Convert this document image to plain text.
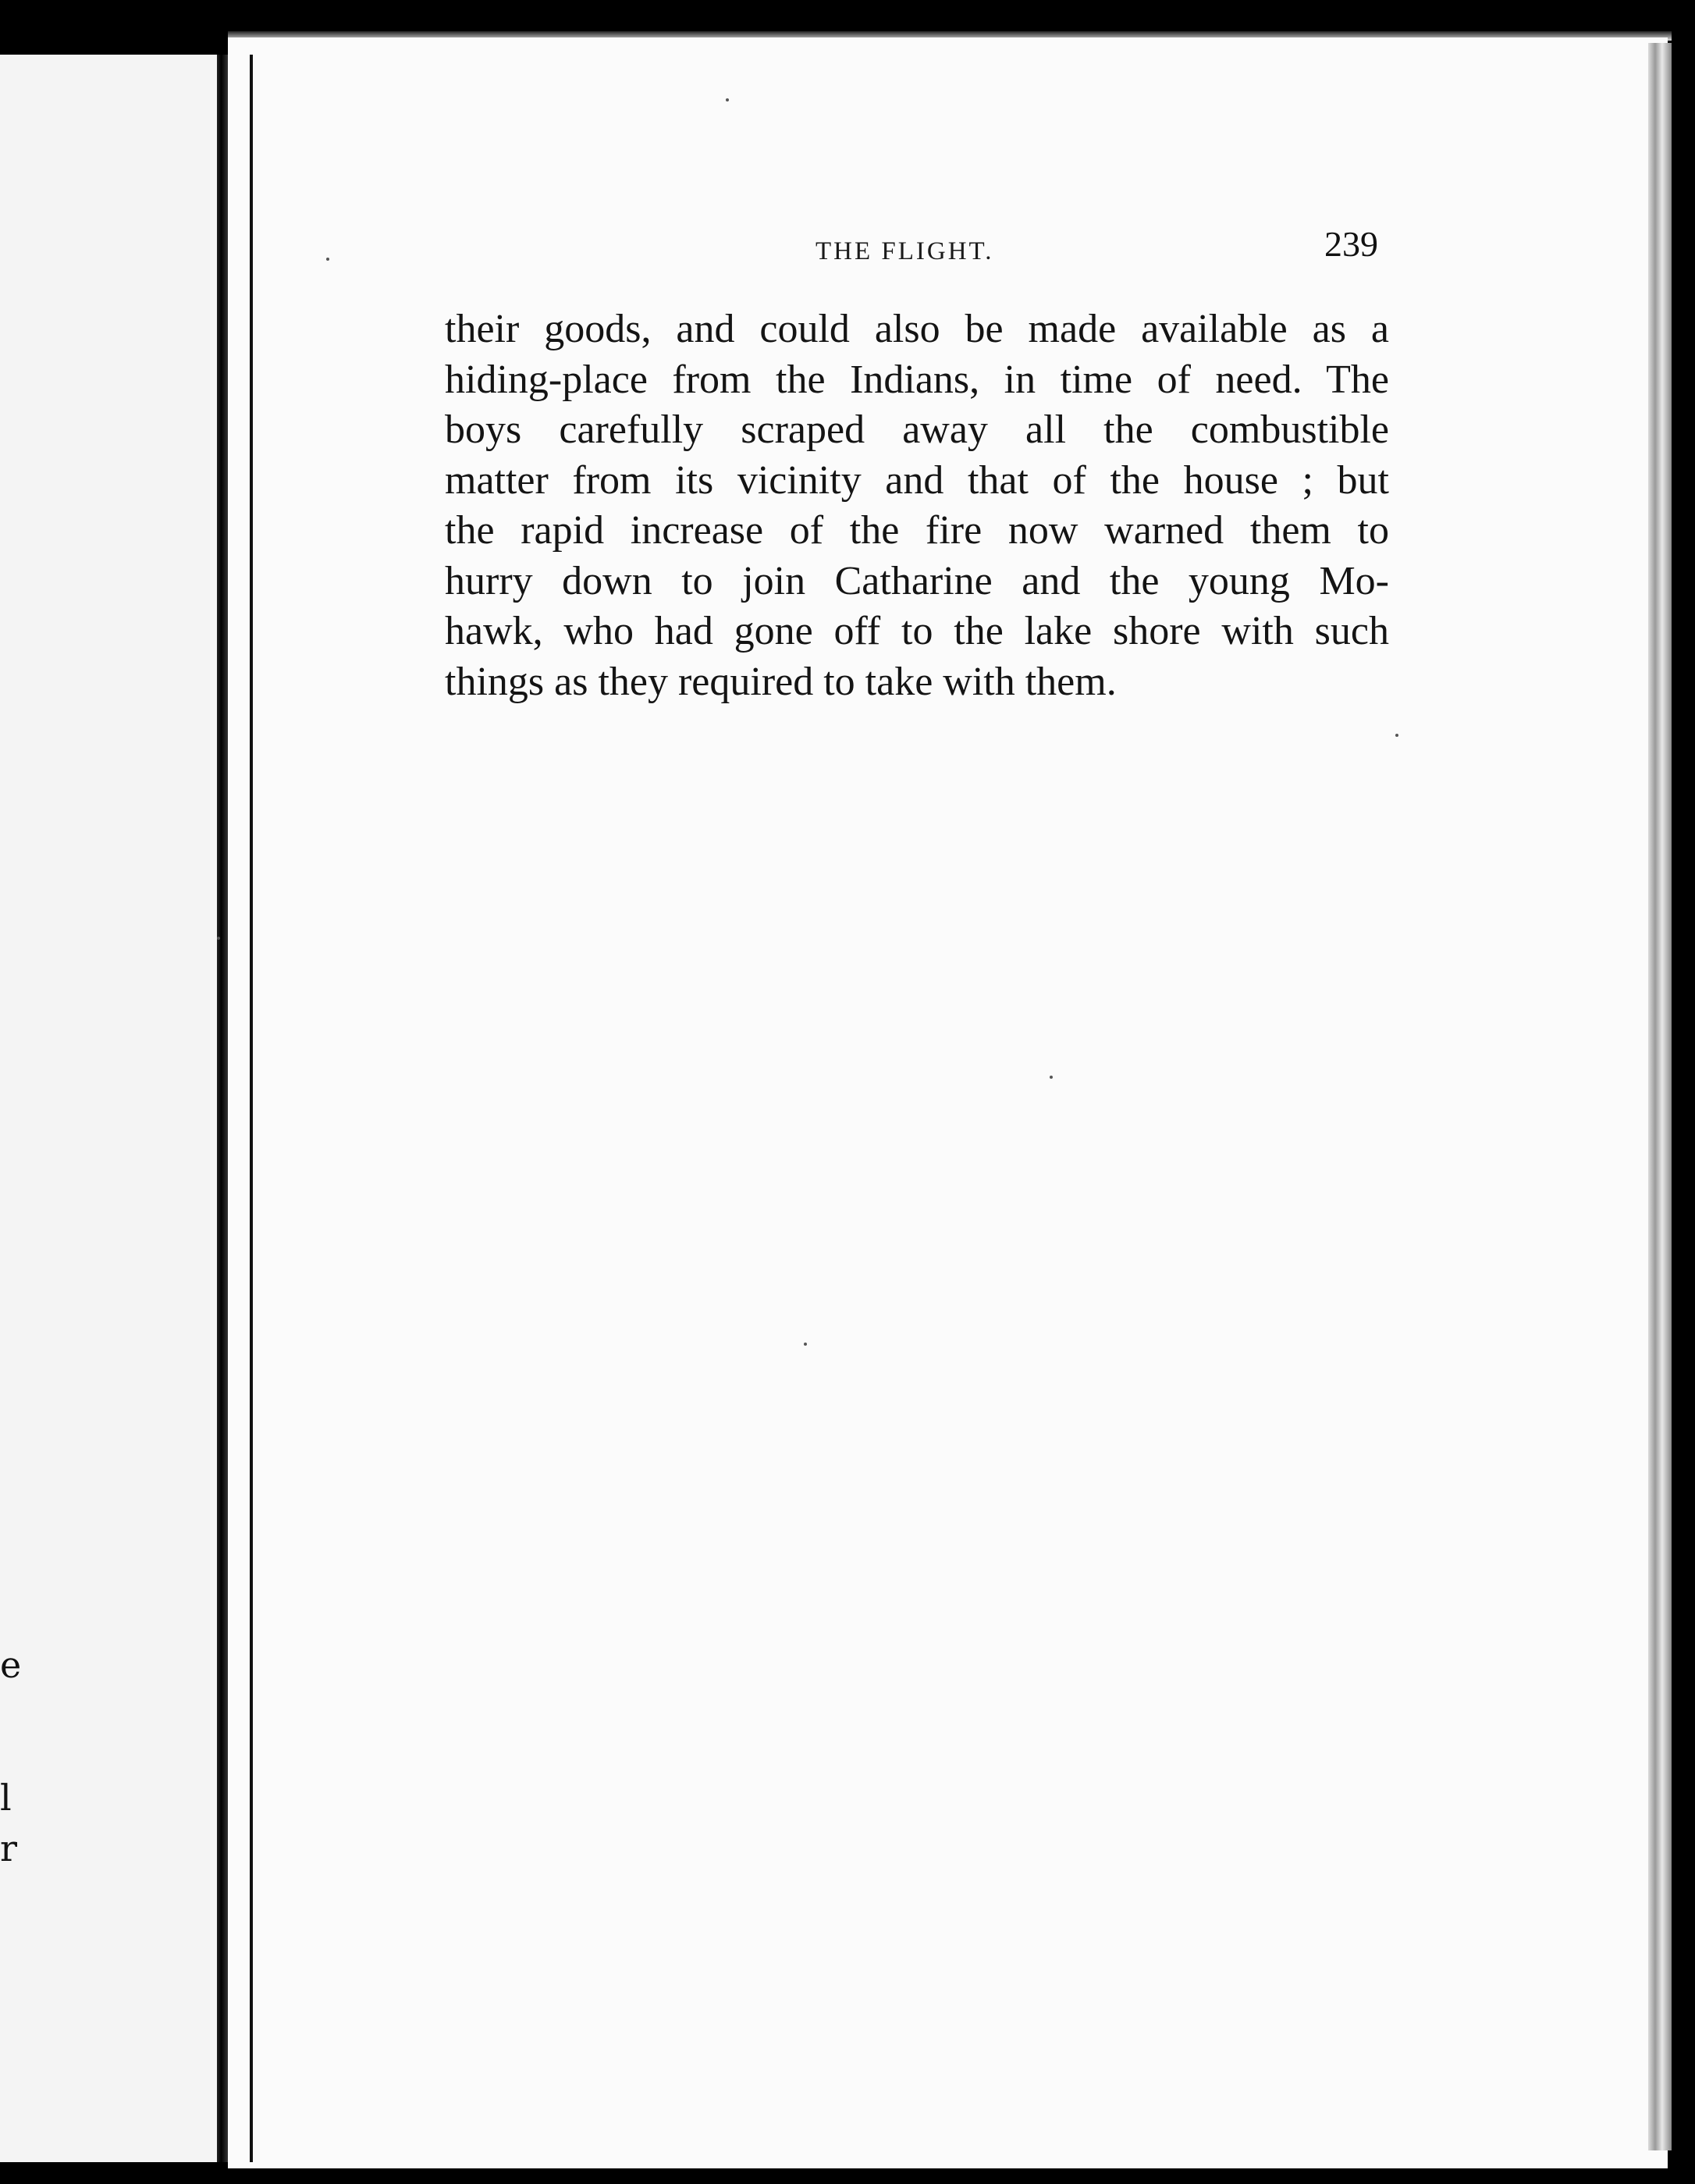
e
l
r
THE FLIGHT.	239
their goods, and could also be made available as a
hiding-place from the Indians, in time of need. The
boys carefully scraped away all the combustible
matter from its vicinity and that of the house ; but
the rapid increase of the fire now warned them to
hurry down to join Catharine and the young Mo-
hawk, who had gone off to the lake shore with such
things as they required to take with them.
